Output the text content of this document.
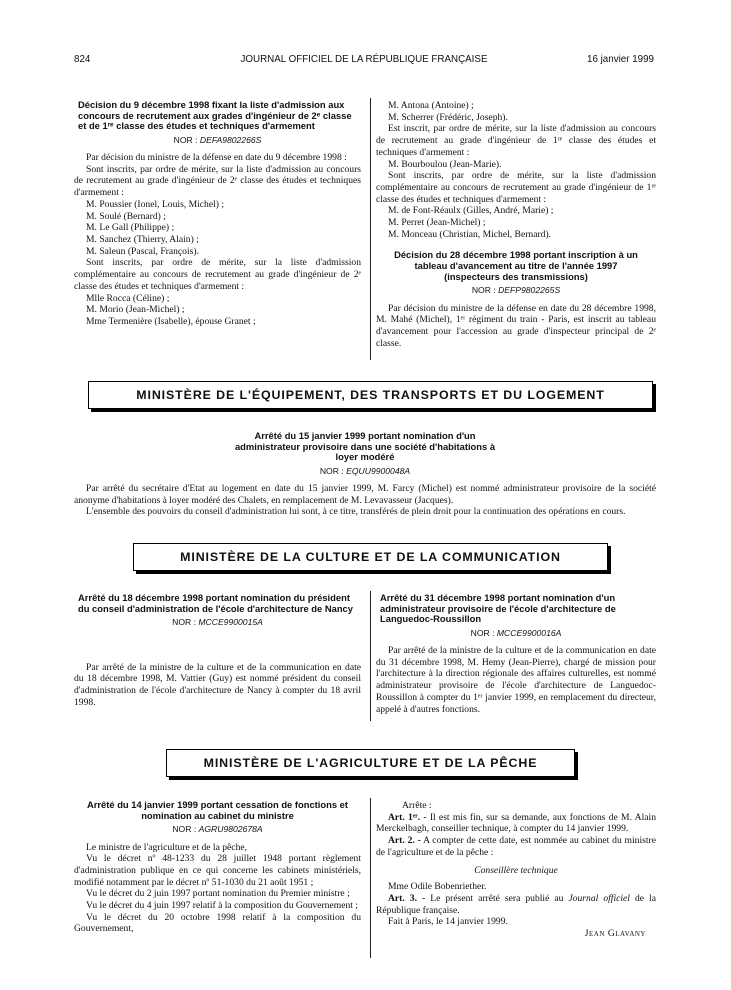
824	JOURNAL OFFICIEL DE LA RÉPUBLIQUE FRANÇAISE	16 janvier 1999
Décision du 9 décembre 1998 fixant la liste d'admission aux concours de recrutement aux grades d'ingénieur de 2ᵉ classe et de 1ʳᵉ classe des études et techniques d'armement
NOR : DEFA9802266S

Par décision du ministre de la défense en date du 9 décembre 1998 :

Sont inscrits, par ordre de mérite, sur la liste d'admission au concours de recrutement au grade d'ingénieur de 2ᵉ classe des études et techniques d'armement :

M. Poussier (Ionel, Louis, Michel) ;

M. Soulé (Bernard) ;

M. Le Gall (Philippe) ;

M. Sanchez (Thierry, Alain) ;

M. Saleun (Pascal, François).

Sont inscrits, par ordre de mérite, sur la liste d'admission complémentaire au concours de recrutement au grade d'ingénieur de 2ᵉ classe des études et techniques d'armement :

Mlle Rocca (Céline) ;

M. Morio (Jean-Michel) ;

Mme Termenière (Isabelle), épouse Granet ;

M. Antona (Antoine) ;

M. Scherrer (Frédéric, Joseph).

Est inscrit, par ordre de mérite, sur la liste d'admission au concours de recrutement au grade d'ingénieur de 1ʳᵉ classe des études et techniques d'armement :

M. Bourboulou (Jean-Marie).

Sont inscrits, par ordre de mérite, sur la liste d'admission complémentaire au concours de recrutement au grade d'ingénieur de 1ʳᵉ classe des études et techniques d'armement :

M. de Font-Réaulx (Gilles, André, Marie) ;

M. Perret (Jean-Michel) ;

M. Monceau (Christian, Michel, Bernard).

Décision du 28 décembre 1998 portant inscription à un tableau d'avancement au titre de l'année 1997 (inspecteurs des transmissions)
NOR : DEFP9802265S

Par décision du ministre de la défense en date du 28 décembre 1998, M. Mahé (Michel), 1ᵉʳ régiment du train - Paris, est inscrit au tableau d'avancement pour l'accession au grade d'inspecteur principal de 2ᵉ classe.

MINISTÈRE DE L'ÉQUIPEMENT, DES TRANSPORTS ET DU LOGEMENT
Arrêté du 15 janvier 1999 portant nomination d'un administrateur provisoire dans une société d'habitations à loyer modéré
NOR : EQUU9900048A

Par arrêté du secrétaire d'Etat au logement en date du 15 janvier 1999, M. Farcy (Michel) est nommé administrateur provisoire de la société anonyme d'habitations à loyer modéré des Chalets, en remplacement de M. Levavasseur (Jacques).

L'ensemble des pouvoirs du conseil d'administration lui sont, à ce titre, transférés de plein droit pour la continuation des opérations en cours.

MINISTÈRE DE LA CULTURE ET DE LA COMMUNICATION
Arrêté du 18 décembre 1998 portant nomination du président du conseil d'administration de l'école d'architecture de Nancy
NOR : MCCE9900015A

Par arrêté de la ministre de la culture et de la communication en date du 18 décembre 1998, M. Vattier (Guy) est nommé président du conseil d'administration de l'école d'architecture de Nancy à compter du 18 avril 1998.

Arrêté du 31 décembre 1998 portant nomination d'un administrateur provisoire de l'école d'architecture de Languedoc-Roussillon
NOR : MCCE9900016A

Par arrêté de la ministre de la culture et de la communication en date du 31 décembre 1998, M. Hemy (Jean-Pierre), chargé de mission pour l'architecture à la direction régionale des affaires culturelles, est nommé administrateur provisoire de l'école d'architecture de Languedoc-Roussillon à compter du 1ᵉʳ janvier 1999, en remplacement du directeur, appelé à d'autres fonctions.

MINISTÈRE DE L'AGRICULTURE ET DE LA PÊCHE
Arrêté du 14 janvier 1999 portant cessation de fonctions et nomination au cabinet du ministre
NOR : AGRU9802678A

Le ministre de l'agriculture et de la pêche,

Vu le décret nº 48-1233 du 28 juillet 1948 portant règlement d'administration publique en ce qui concerne les cabinets ministériels, modifié notamment par le décret nº 51-1030 du 21 août 1951 ;

Vu le décret du 2 juin 1997 portant nomination du Premier ministre ;

Vu le décret du 4 juin 1997 relatif à la composition du Gouvernement ;

Vu le décret du 20 octobre 1998 relatif à la composition du Gouvernement,

Arrête :

Art. 1ᵉʳ. - Il est mis fin, sur sa demande, aux fonctions de M. Alain Merckelbagh, conseiller technique, à compter du 14 janvier 1999.

Art. 2. - A compter de cette date, est nommée au cabinet du ministre de l'agriculture et de la pêche :

Conseillère technique

Mme Odile Bobenriether.

Art. 3. - Le présent arrêté sera publié au Journal officiel de la République française.

Fait à Paris, le 14 janvier 1999.

Jean Glavany
